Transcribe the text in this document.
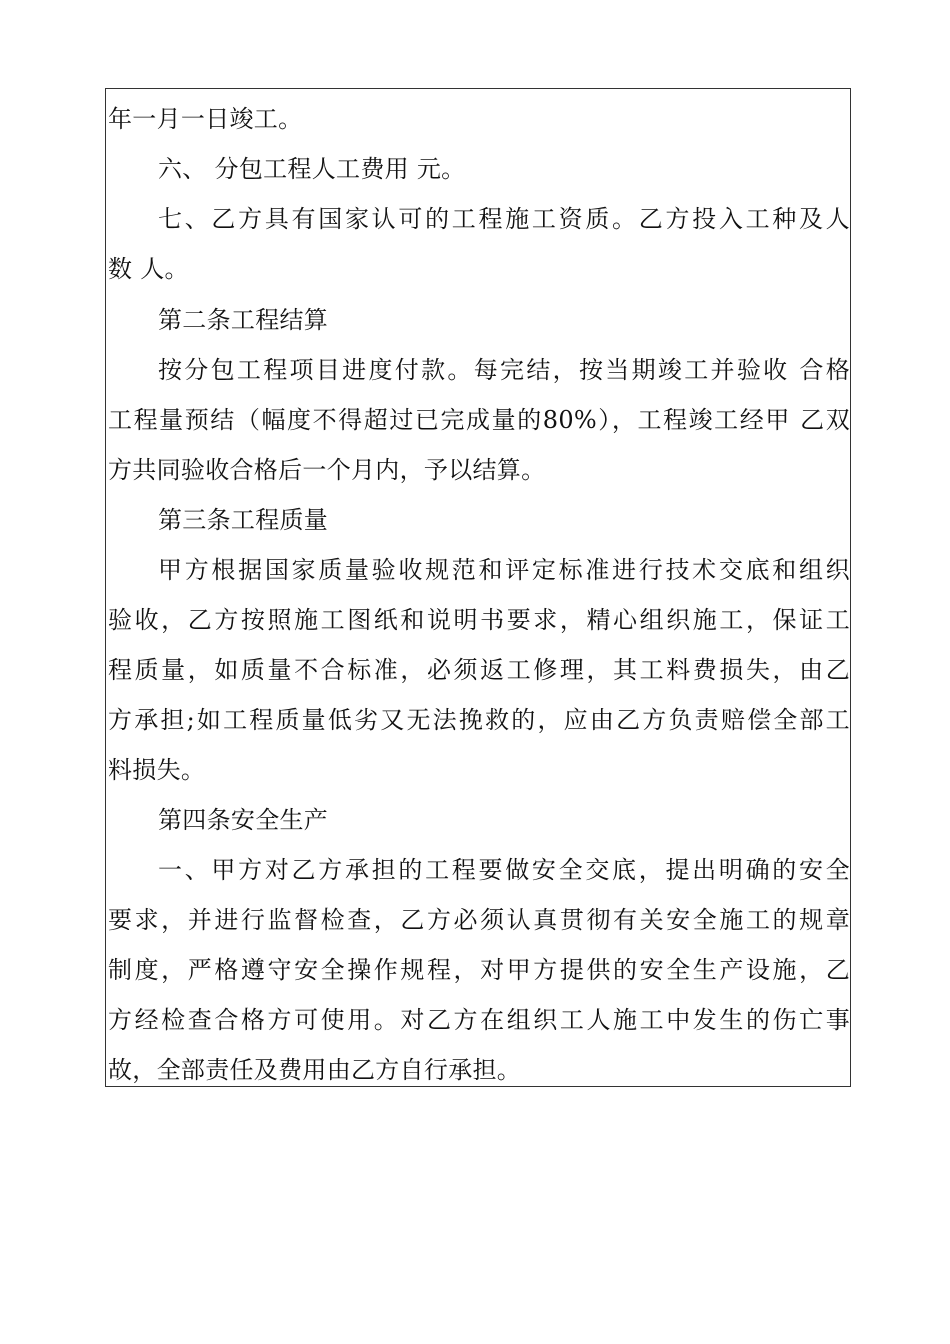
年一月一日竣工。
六、 分包工程人工费用 元。
七、乙方具有国家认可的工程施工资质。乙方投入工种及人
数 人。
第二条工程结算
按分包工程项目进度付款。每完结，按当期竣工并验收 合格
工程量预结（幅度不得超过已完成量的80%），工程竣工经甲 乙双
方共同验收合格后一个月内，予以结算。
第三条工程质量
甲方根据国家质量验收规范和评定标准进行技术交底和组织
验收，乙方按照施工图纸和说明书要求，精心组织施工，保证工
程质量，如质量不合标准，必须返工修理，其工料费损失，由乙
方承担;如工程质量低劣又无法挽救的，应由乙方负责赔偿全部工
料损失。
第四条安全生产
一、甲方对乙方承担的工程要做安全交底，提出明确的安全
要求，并进行监督检查，乙方必须认真贯彻有关安全施工的规章
制度，严格遵守安全操作规程，对甲方提供的安全生产设施，乙
方经检查合格方可使用。对乙方在组织工人施工中发生的伤亡事
故，全部责任及费用由乙方自行承担。
